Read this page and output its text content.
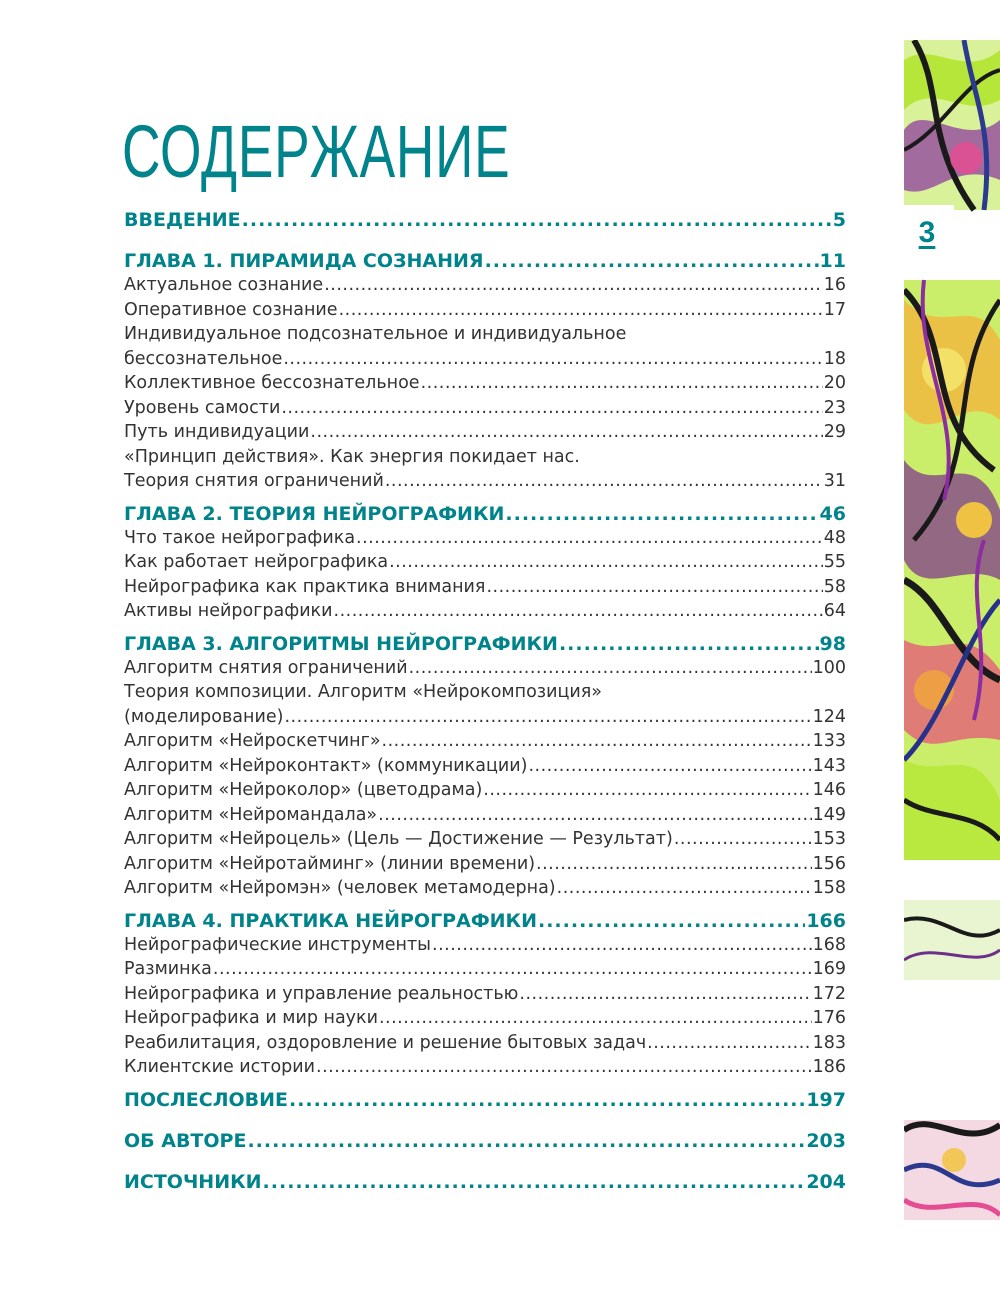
СОДЕРЖАНИЕ
ВВЕДЕНИЕ .....	5
ГЛАВА 1. ПИРАМИДА СОЗНАНИЯ .....	11
Актуальное сознание .....	16
Оперативное сознание .....	17
Индивидуальное подсознательное и индивидуальное
бессознательное .....	18
Коллективное бессознательное .....	20
Уровень самости .....	23
Путь индивидуации .....	29
«Принцип действия». Как энергия покидает нас.
Теория снятия ограничений .....	31
ГЛАВА 2. ТЕОРИЯ НЕЙРОГРАФИКИ .....	46
Что такое нейрографика .....	48
Как работает нейрографика .....	55
Нейрографика как практика внимания .....	58
Активы нейрографики .....	64
ГЛАВА 3. АЛГОРИТМЫ НЕЙРОГРАФИКИ .....	98
Алгоритм снятия ограничений .....	100
Теория композиции. Алгоритм «Нейрокомпозиция»
(моделирование) .....	124
Алгоритм «Нейроскетчинг» .....	133
Алгоритм «Нейроконтакт» (коммуникации) .....	143
Алгоритм «Нейроколор» (цветодрама) .....	146
Алгоритм «Нейромандала» .....	149
Алгоритм «Нейроцель» (Цель — Достижение — Результат) .....	153
Алгоритм «Нейротайминг» (линии времени) .....	156
Алгоритм «Нейромэн» (человек метамодерна) .....	158
ГЛАВА 4. ПРАКТИКА НЕЙРОГРАФИКИ .....	166
Нейрографические инструменты .....	168
Разминка .....	169
Нейрографика и управление реальностью .....	172
Нейрографика и мир науки .....	176
Реабилитация, оздоровление и решение бытовых задач .....	183
Клиентские истории .....	186
ПОСЛЕСЛОВИЕ .....	197
ОБ АВТОРЕ .....	203
ИСТОЧНИКИ .....	204
3
